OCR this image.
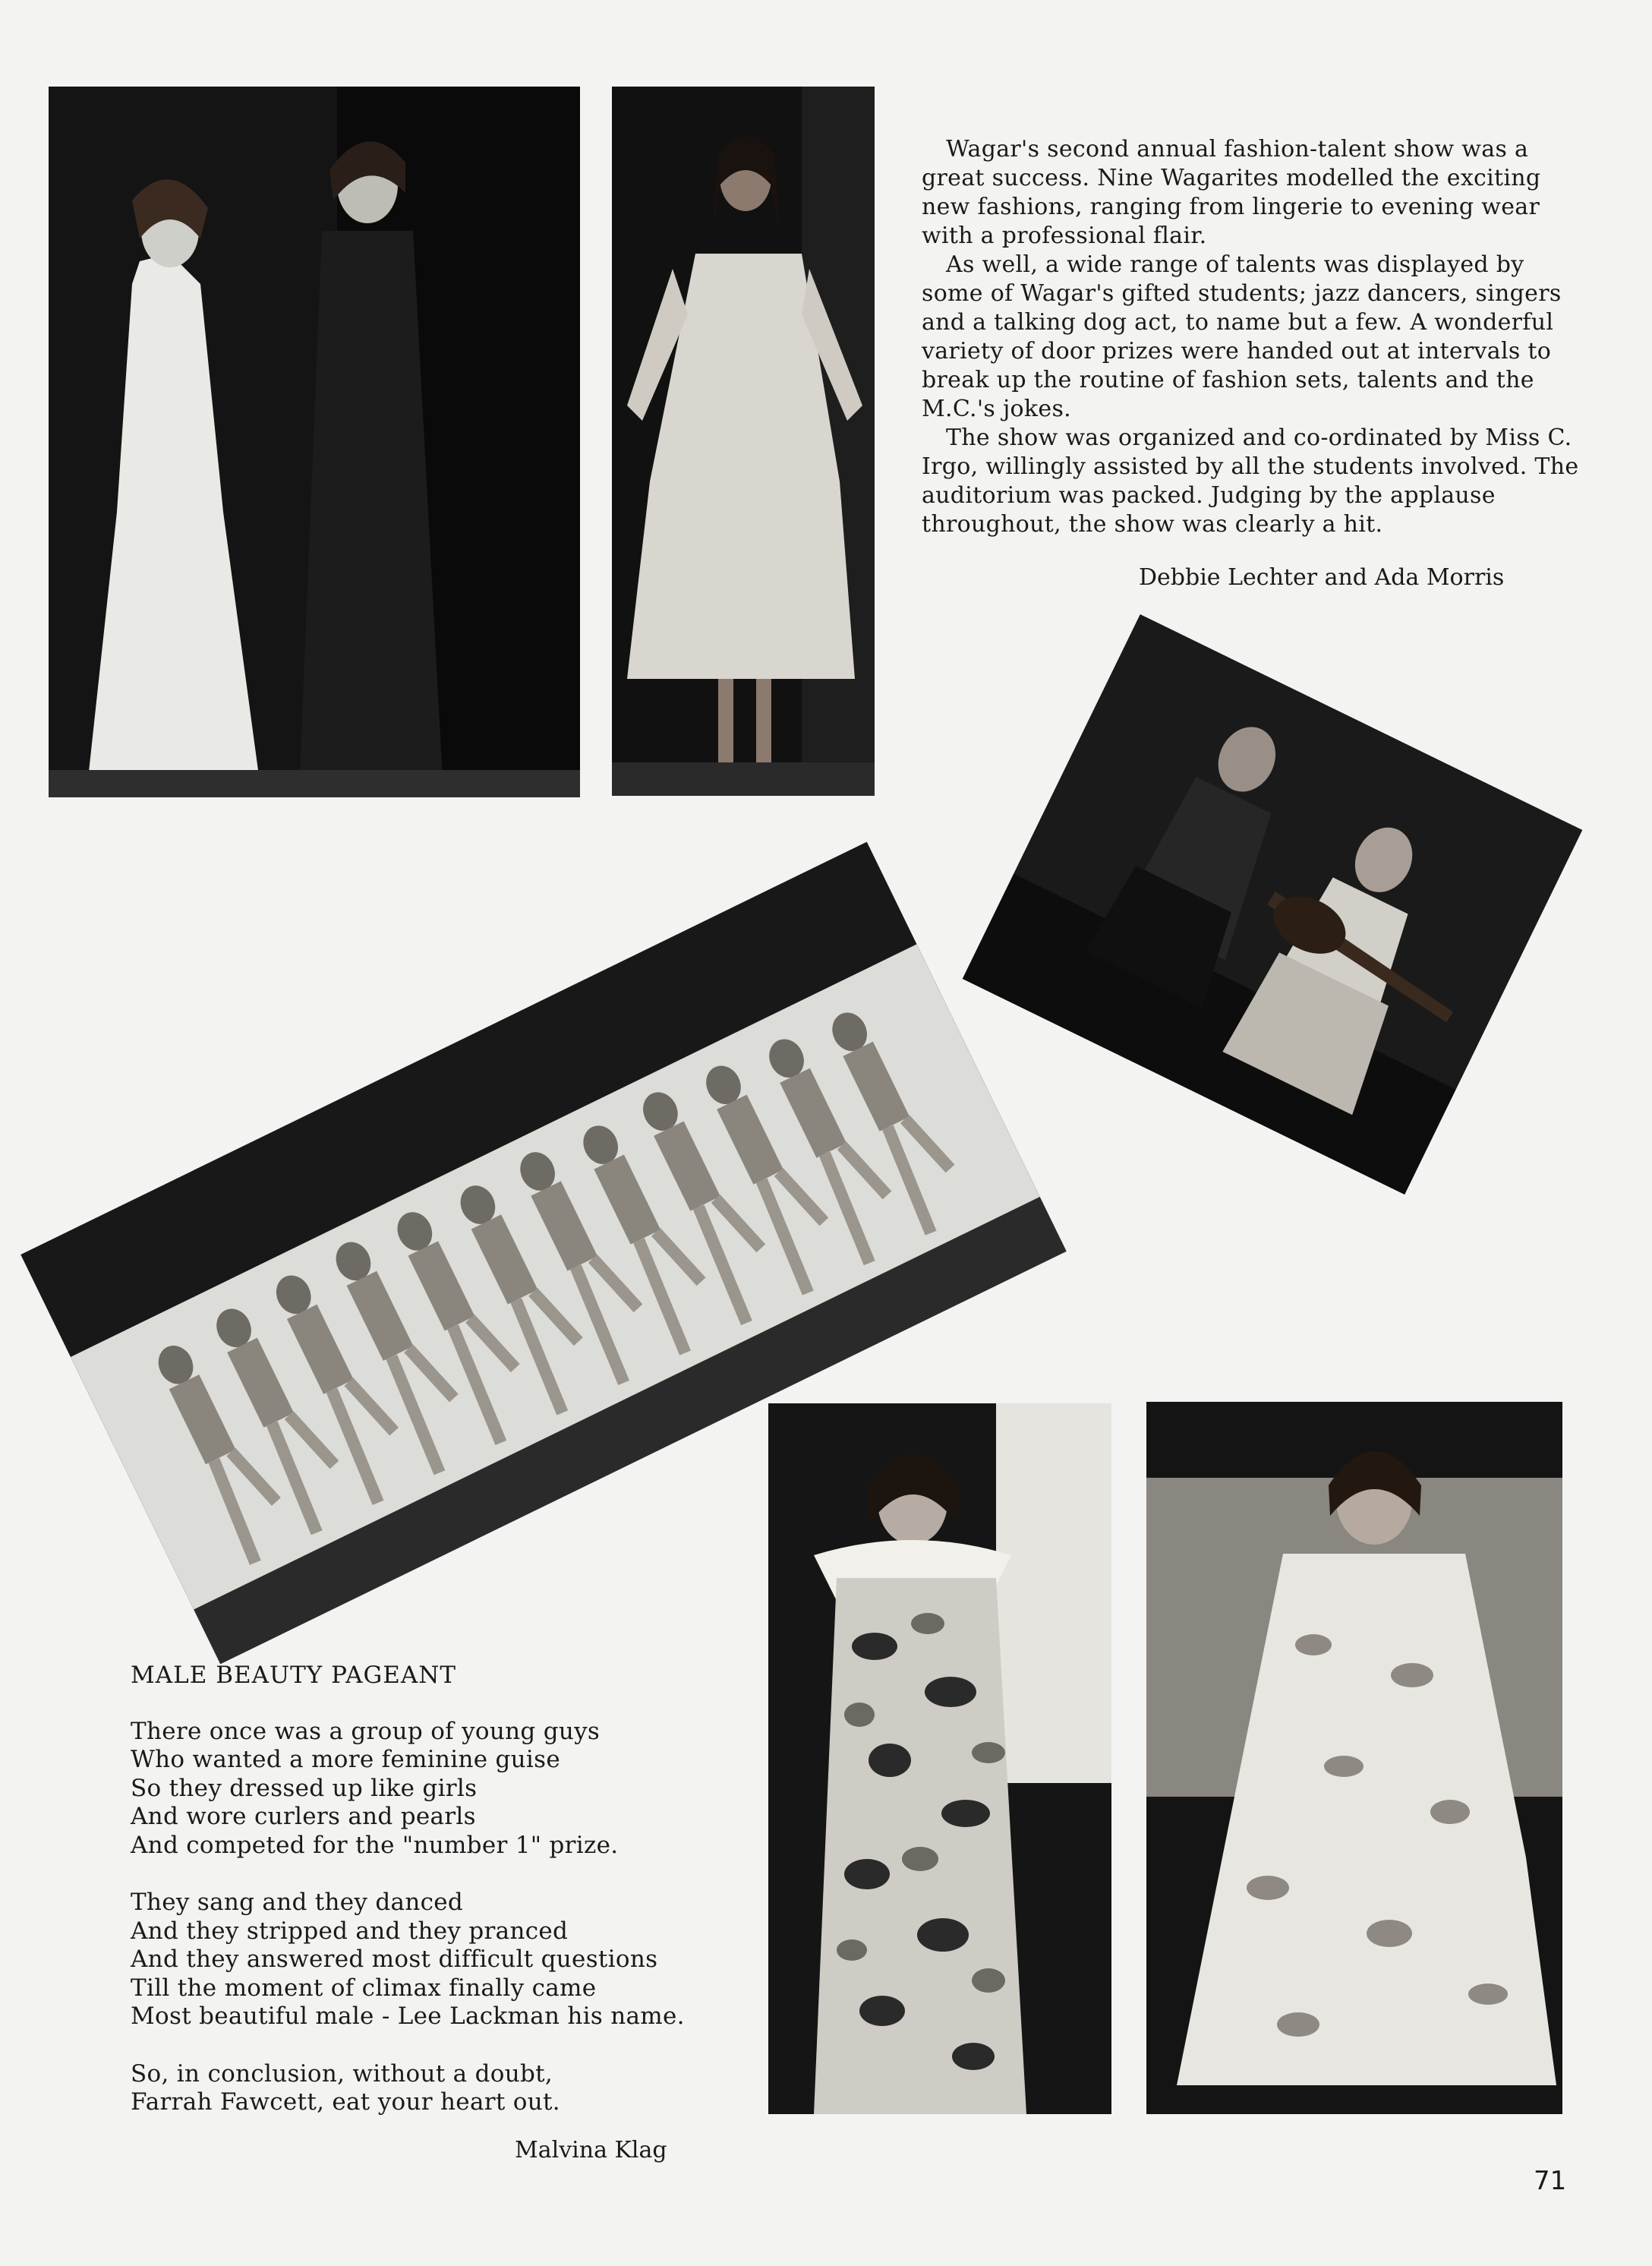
Wagar's second annual fashion-talent show was a great success. Nine Wagarites modelled the exciting new fashions, ranging from lingerie to evening wear with a professional flair.

As well, a wide range of talents was displayed by some of Wagar's gifted students; jazz dancers, singers and a talking dog act, to name but a few. A wonderful variety of door prizes were handed out at intervals to break up the routine of fashion sets, talents and the M.C.'s jokes.

The show was organized and co-ordinated by Miss C. Irgo, willingly assisted by all the students involved. The auditorium was packed. Judging by the applause throughout, the show was clearly a hit.

Debbie Lechter and Ada Morris
MALE BEAUTY PAGEANT
There once was a group of young guys
Who wanted a more feminine guise
So they dressed up like girls
And wore curlers and pearls
And competed for the "number 1" prize.
They sang and they danced
And they stripped and they pranced
And they answered most difficult questions
Till the moment of climax finally came
Most beautiful male - Lee Lackman his name.
So, in conclusion, without a doubt,
Farrah Fawcett, eat your heart out.
Malvina Klag
71
